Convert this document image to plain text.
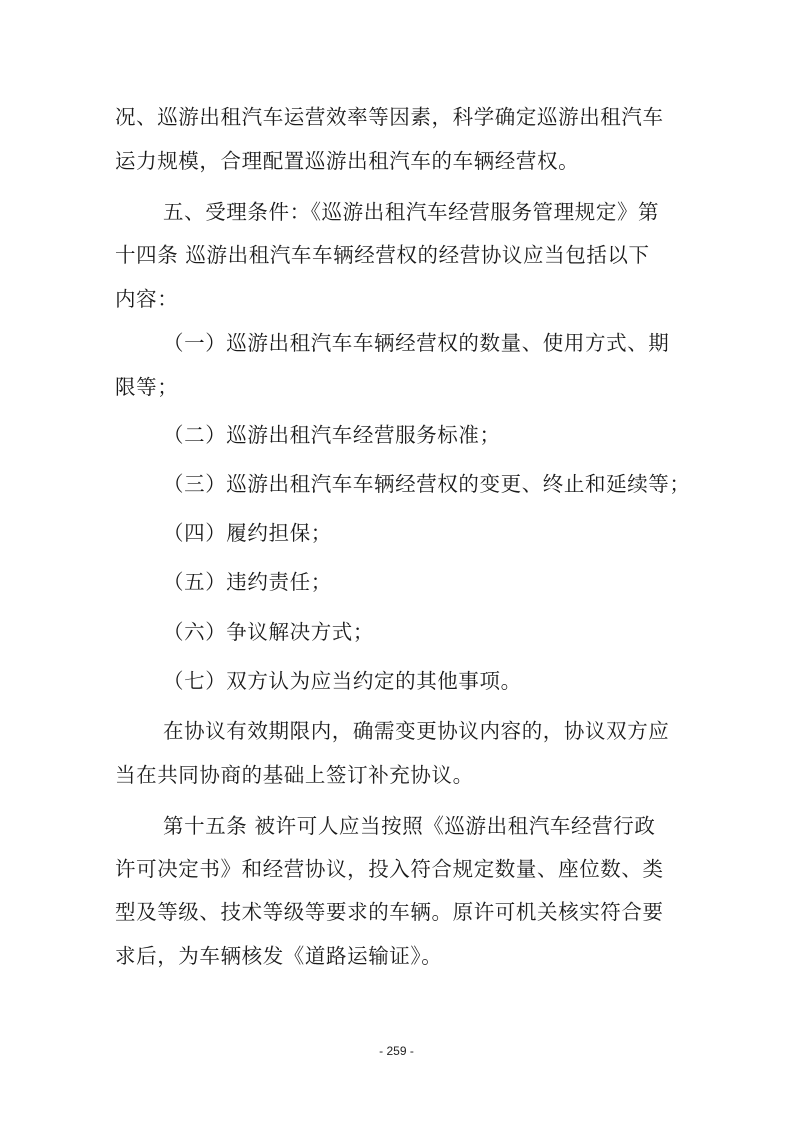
况、巡游出租汽车运营效率等因素，科学确定巡游出租汽车
运力规模，合理配置巡游出租汽车的车辆经营权。
五、受理条件：《巡游出租汽车经营服务管理规定》第
十四条 巡游出租汽车车辆经营权的经营协议应当包括以下
内容：
（一）巡游出租汽车车辆经营权的数量、使用方式、期
限等；
（二）巡游出租汽车经营服务标准；
（三）巡游出租汽车车辆经营权的变更、终止和延续等；
（四）履约担保；
（五）违约责任；
（六）争议解决方式；
（七）双方认为应当约定的其他事项。
在协议有效期限内，确需变更协议内容的，协议双方应
当在共同协商的基础上签订补充协议。
第十五条 被许可人应当按照《巡游出租汽车经营行政
许可决定书》和经营协议，投入符合规定数量、座位数、类
型及等级、技术等级等要求的车辆。原许可机关核实符合要
求后，为车辆核发《道路运输证》。
- 259 -
